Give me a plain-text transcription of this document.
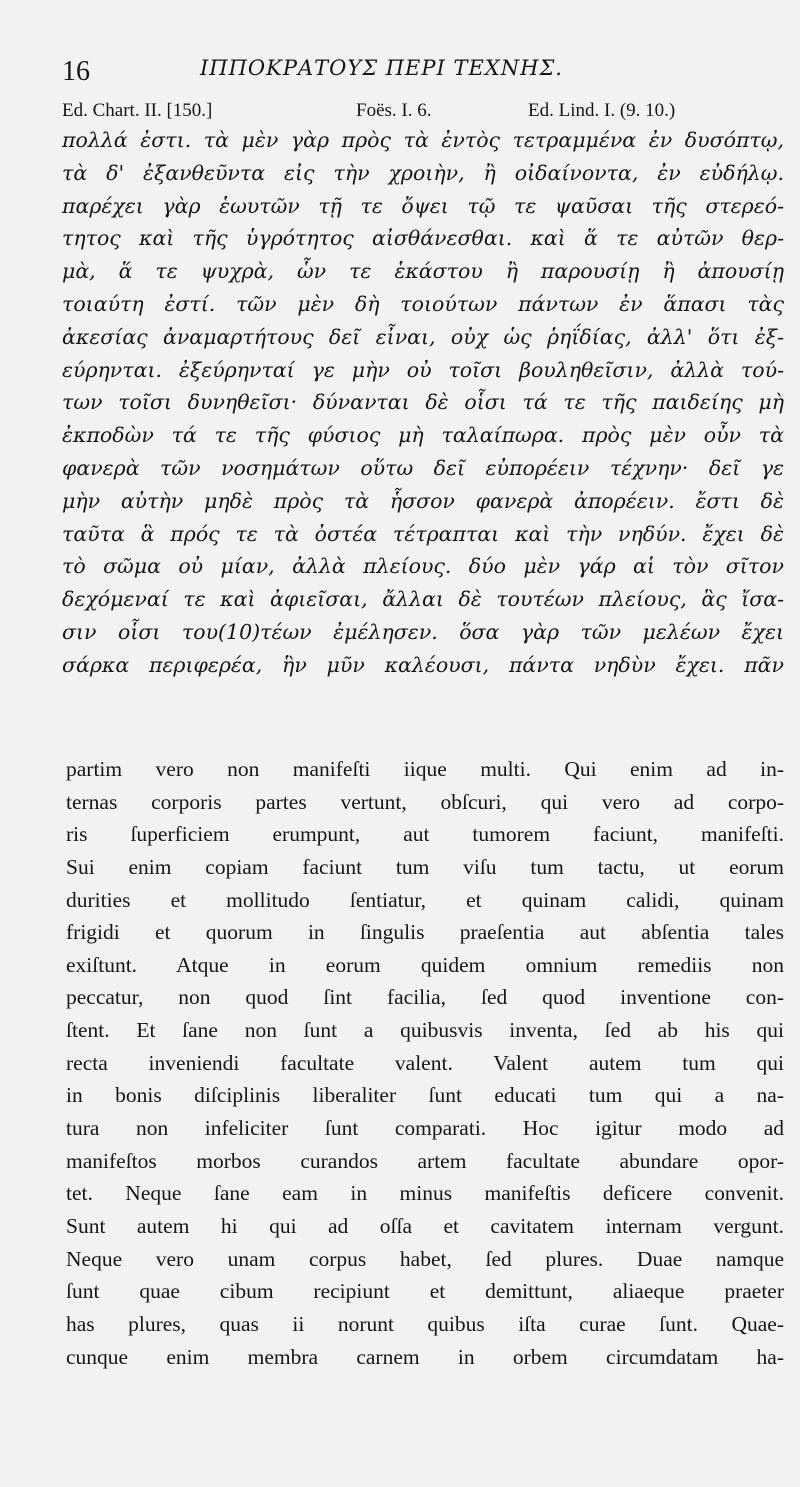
16	ΙΠΠΟΚΡΑΤΟΥΣ ΠΕΡΙ ΤΕΧΝΗΣ.
Ed. Chart. II. [150.]	Foës. I. 6.	Ed. Lind. I. (9. 10.)
πολλά ἐστι. τὰ μὲν γὰρ πρὸς τὰ ἐντὸς τετραμμένα ἐν δυσόπτῳ,
τὰ δ' ἐξανθεῦντα εἰς τὴν χροιὴν, ἢ οἰδαίνοντα, ἐν εὐδήλῳ.
παρέχει γὰρ ἑωυτῶν τῇ τε ὄψει τῷ τε ψαῦσαι τῆς στερεό-
τητος καὶ τῆς ὑγρότητος αἰσθάνεσθαι. καὶ ἅ τε αὐτῶν θερ-
μὰ, ἅ τε ψυχρὰ, ὧν τε ἑκάστου ἢ παρουσίῃ ἢ ἀπουσίῃ
τοιαύτη ἐστί. τῶν μὲν δὴ τοιούτων πάντων ἐν ἅπασι τὰς
ἀκεσίας ἀναμαρτήτους δεῖ εἶναι, οὐχ ὡς ῥηΐδίας, ἀλλ' ὅτι ἐξ-
εύρηνται. ἐξεύρηνταί γε μὴν οὐ τοῖσι βουληθεῖσιν, ἀλλὰ τού-
των τοῖσι δυνηθεῖσι· δύνανται δὲ οἷσι τά τε τῆς παιδείης μὴ
ἐκποδὼν τά τε τῆς φύσιος μὴ ταλαίπωρα. πρὸς μὲν οὖν τὰ
φανερὰ τῶν νοσημάτων οὕτω δεῖ εὐπορέειν τέχνην· δεῖ γε
μὴν αὐτὴν μηδὲ πρὸς τὰ ἧσσον φανερὰ ἀπορέειν. ἔστι δὲ
ταῦτα ἃ πρός τε τὰ ὀστέα τέτραπται καὶ τὴν νηδύν. ἔχει δὲ
τὸ σῶμα οὐ μίαν, ἀλλὰ πλείους. δύο μὲν γάρ αἱ τὸν σῖτον
δεχόμεναί τε καὶ ἀφιεῖσαι, ἄλλαι δὲ τουτέων πλείους, ἃς ἴσα-
σιν οἷσι του(10)τέων ἐμέλησεν. ὅσα γὰρ τῶν μελέων ἔχει
σάρκα περιφερέα, ἣν μῦν καλέουσι, πάντα νηδὺν ἔχει. πᾶν
partim vero non manifeſti iique multi. Qui enim ad in-
ternas corporis partes vertunt, obſcuri, qui vero ad corpo-
ris ſuperficiem erumpunt, aut tumorem faciunt, manifeſti.
Sui enim copiam faciunt tum viſu tum tactu, ut eorum
durities et mollitudo ſentiatur, et quinam calidi, quinam
frigidi et quorum in ſingulis praeſentia aut abſentia tales
exiſtunt. Atque in eorum quidem omnium remediis non
peccatur, non quod ſint facilia, ſed quod inventione con-
ſtent. Et ſane non ſunt a quibusvis inventa, ſed ab his qui
recta inveniendi facultate valent. Valent autem tum qui
in bonis diſciplinis liberaliter ſunt educati tum qui a na-
tura non infeliciter ſunt comparati. Hoc igitur modo ad
manifeſtos morbos curandos artem facultate abundare opor-
tet. Neque ſane eam in minus manifeſtis deficere convenit.
Sunt autem hi qui ad oſſa et cavitatem internam vergunt.
Neque vero unam corpus habet, ſed plures. Duae namque
ſunt quae cibum recipiunt et demittunt, aliaeque praeter
has plures, quas ii norunt quibus iſta curae ſunt. Quae-
cunque enim membra carnem in orbem circumdatam ha-
